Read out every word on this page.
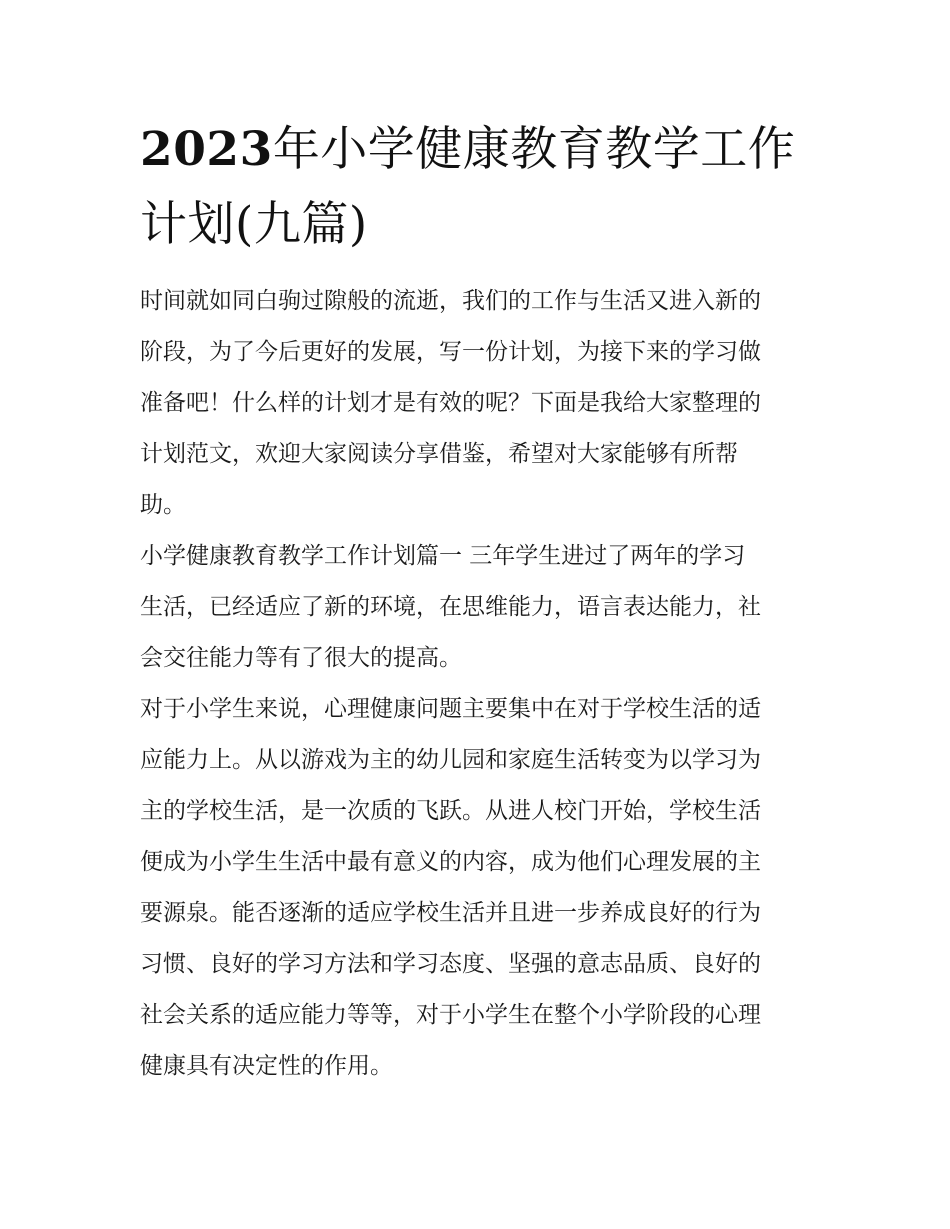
2023年小学健康教育教学工作
计划(九篇)

时间就如同白驹过隙般的流逝，我们的工作与生活又进入新的
阶段，为了今后更好的发展，写一份计划，为接下来的学习做
准备吧！什么样的计划才是有效的呢？下面是我给大家整理的
计划范文，欢迎大家阅读分享借鉴，希望对大家能够有所帮
助。

小学健康教育教学工作计划篇一 三年学生进过了两年的学习
生活，已经适应了新的环境，在思维能力，语言表达能力，社
会交往能力等有了很大的提高。

对于小学生来说，心理健康问题主要集中在对于学校生活的适
应能力上。从以游戏为主的幼儿园和家庭生活转变为以学习为
主的学校生活，是一次质的飞跃。从进人校门开始，学校生活
便成为小学生生活中最有意义的内容，成为他们心理发展的主
要源泉。能否逐渐的适应学校生活并且进一步养成良好的行为
习惯、良好的学习方法和学习态度、坚强的意志品质、良好的
社会关系的适应能力等等，对于小学生在整个小学阶段的心理
健康具有决定性的作用。
